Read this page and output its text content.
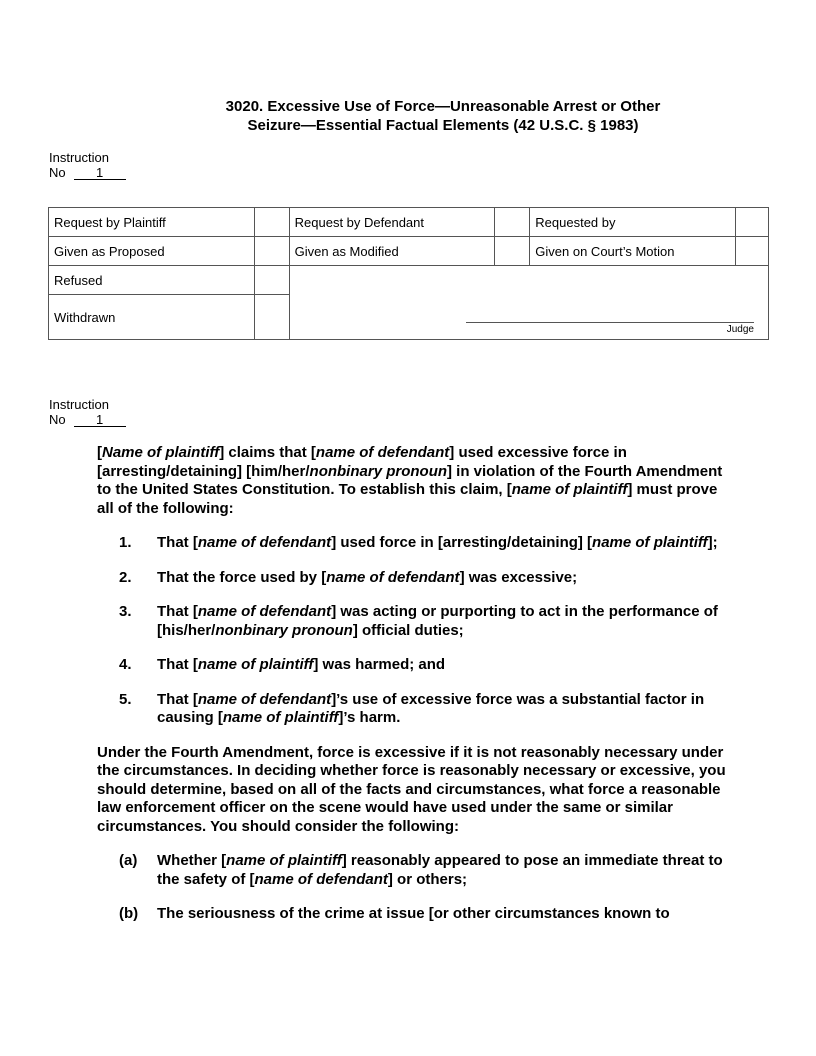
3020. Excessive Use of Force—Unreasonable Arrest or Other
Seizure—Essential Factual Elements (42 U.S.C. § 1983)
Instruction
No 1
Request by Plaintiff		Request by Defendant		Requested by	
Given as Proposed		Given as Modified		Given on Court’s Motion	
Refused		Judge			

Withdrawn					
Instruction
No 1

[Name of plaintiff] claims that [name of defendant] used excessive force in [arresting/detaining] [him/her/nonbinary pronoun] in violation of the Fourth Amendment to the United States Constitution. To establish this claim, [name of plaintiff] must prove all of the following:

1. That [name of defendant] used force in [arresting/detaining] [name of plaintiff];

2. That the force used by [name of defendant] was excessive;

3. That [name of defendant] was acting or purporting to act in the performance of [his/her/nonbinary pronoun] official duties;

4. That [name of plaintiff] was harmed; and

5. That [name of defendant]’s use of excessive force was a substantial factor in causing [name of plaintiff]’s harm.

Under the Fourth Amendment, force is excessive if it is not reasonably necessary under the circumstances. In deciding whether force is reasonably necessary or excessive, you should determine, based on all of the facts and circumstances, what force a reasonable law enforcement officer on the scene would have used under the same or similar circumstances. You should consider the following:

(a) Whether [name of plaintiff] reasonably appeared to pose an immediate threat to the safety of [name of defendant] or others;

(b) The seriousness of the crime at issue [or other circumstances known to
